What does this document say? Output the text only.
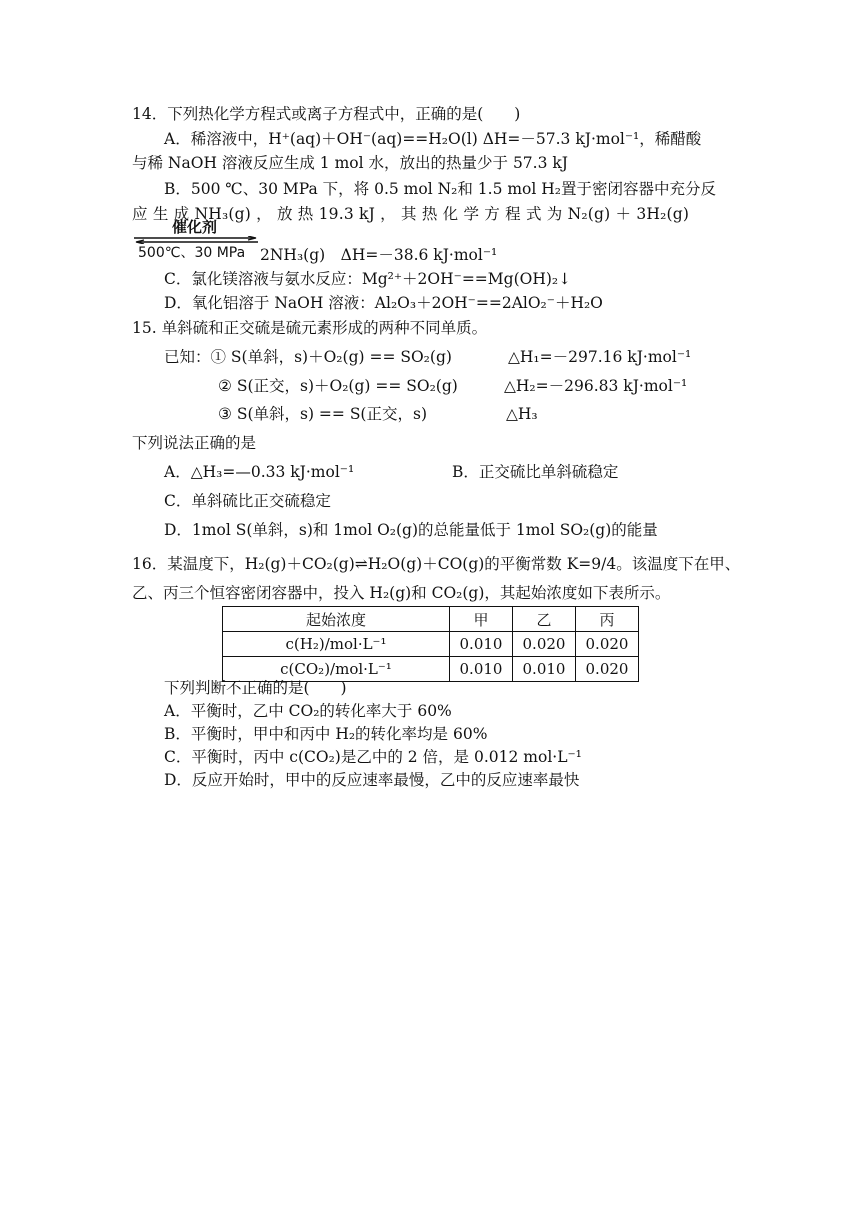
14．下列热化学方程式或离子方程式中，正确的是(　　)
A．稀溶液中，H⁺(aq)＋OH⁻(aq)==H₂O(l) ΔH=－57.3 kJ·mol⁻¹，稀醋酸
与稀 NaOH 溶液反应生成 1 mol 水，放出的热量少于 57.3 kJ
B．500 ℃、30 MPa 下，将 0.5 mol N₂和 1.5 mol H₂置于密闭容器中充分反
应 生 成 NH₃(g) ， 放 热 19.3 kJ ， 其 热 化 学 方 程 式 为 N₂(g) ＋ 3H₂(g)
催化剂
500℃、30 MPa 2NH₃(g)　ΔH=－38.6 kJ·mol⁻¹
C．氯化镁溶液与氨水反应：Mg²⁺＋2OH⁻==Mg(OH)₂↓
D．氧化铝溶于 NaOH 溶液：Al₂O₃＋2OH⁻==2AlO₂⁻＋H₂O
15. 单斜硫和正交硫是硫元素形成的两种不同单质。
已知：① S(单斜，s)＋O₂(g) == SO₂(g)	△H₁=－297.16 kJ·mol⁻¹
② S(正交，s)＋O₂(g) == SO₂(g)	△H₂=－296.83 kJ·mol⁻¹
③ S(单斜，s) == S(正交，s)	△H₃
下列说法正确的是
A．△H₃=—0.33 kJ·mol⁻¹	B．正交硫比单斜硫稳定
C．单斜硫比正交硫稳定
D．1mol S(单斜，s)和 1mol O₂(g)的总能量低于 1mol SO₂(g)的能量
16．某温度下，H₂(g)＋CO₂(g)⇌H₂O(g)＋CO(g)的平衡常数 K=9/4。该温度下在甲、
乙、丙三个恒容密闭容器中，投入 H₂(g)和 CO₂(g)，其起始浓度如下表所示。
起始浓度	甲	乙	丙
c(H₂)/mol·L⁻¹	0.010	0.020	0.020
c(CO₂)/mol·L⁻¹	0.010	0.010	0.020
下列判断不正确的是(　　)
A．平衡时，乙中 CO₂的转化率大于 60%
B．平衡时，甲中和丙中 H₂的转化率均是 60%
C．平衡时，丙中 c(CO₂)是乙中的 2 倍，是 0.012 mol·L⁻¹
D．反应开始时，甲中的反应速率最慢，乙中的反应速率最快
